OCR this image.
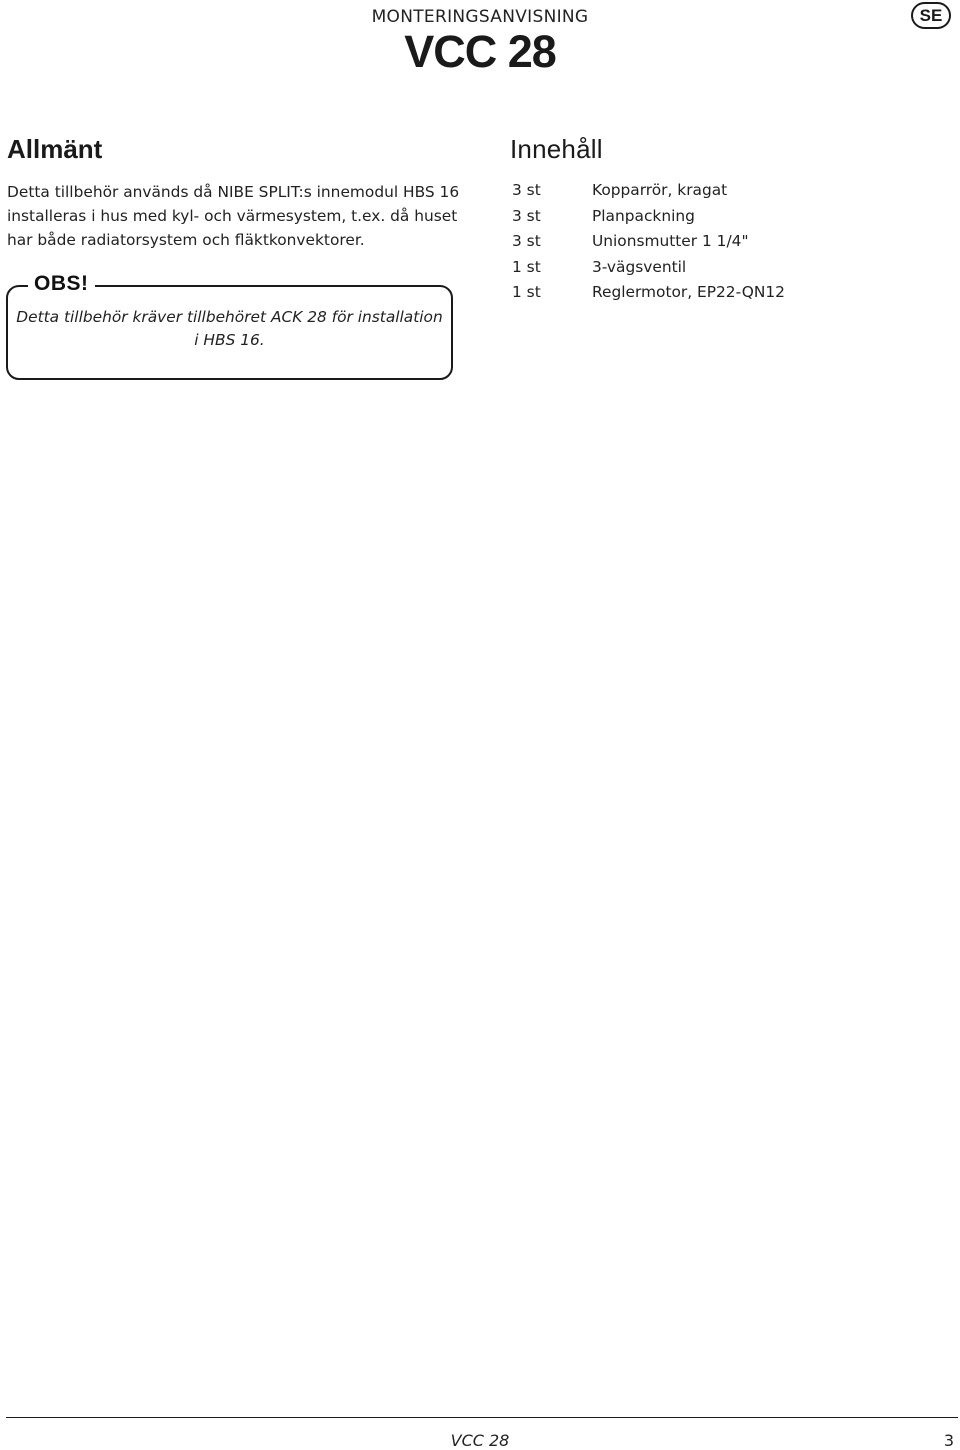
MONTERINGSANVISNING
VCC 28
SE
Allmänt
Detta tillbehör används då NIBE SPLIT:s innemodul HBS 16 installeras i hus med kyl- och värmesystem, t.ex. då huset har både radiatorsystem och fläktkonvektorer.
OBS!
Detta tillbehör kräver tillbehöret ACK 28 för installation
i HBS 16.
Innehåll
3 st	Kopparrör, kragat
3 st	Planpackning
3 st	Unionsmutter 1 1/4"
1 st	3-vägsventil
1 st	Reglermotor, EP22-QN12
VCC 28	3
